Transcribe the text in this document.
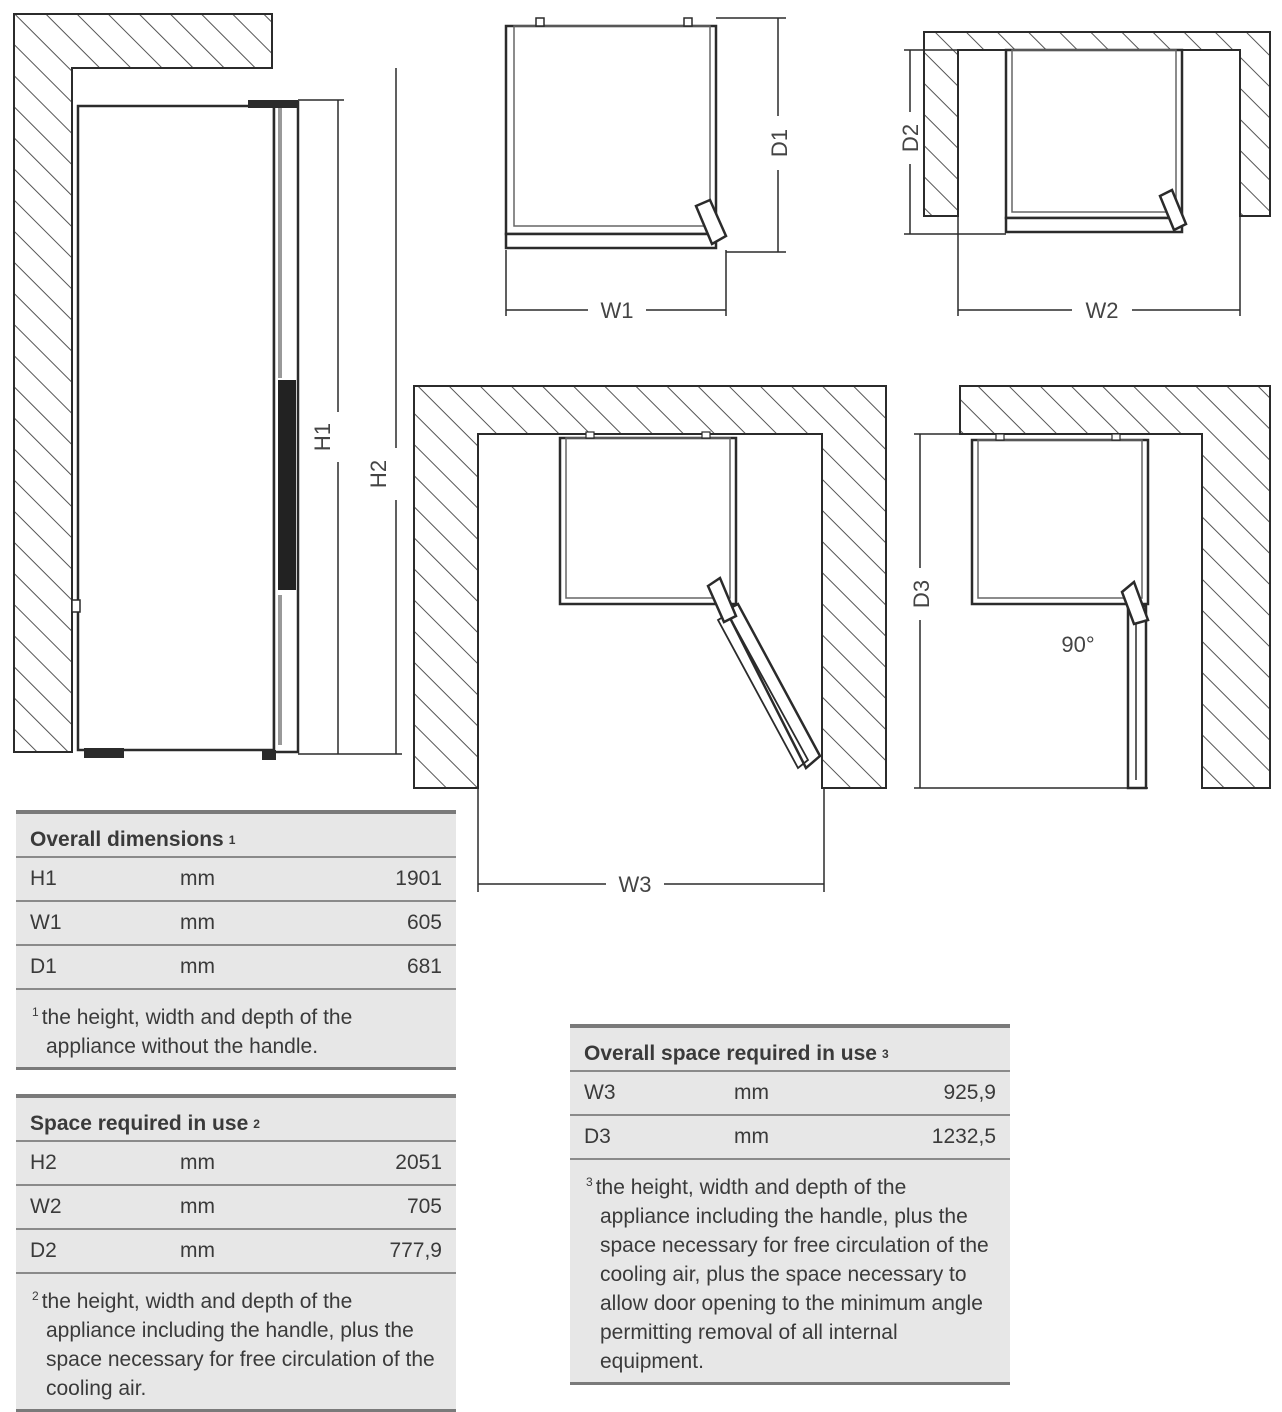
H1
H2
D1
W1
D2
W2
W3
90°
D3
Overall dimensions 1
H1	mm	1901
W1	mm	605
D1	mm	681
$^1$ the height, width and depth of the appliance without the handle.
Space required in use 2
H2	mm	2051
W2	mm	705
D2	mm	777,9
$^2$ the height, width and depth of the appliance including the handle, plus the space necessary for free circulation of the cooling air.
Overall space required in use 3
W3	mm	925,9
D3	mm	1232,5
$^3$ the height, width and depth of the appliance including the handle, plus the space necessary for free circulation of the cooling air, plus the space necessary to allow door opening to the minimum angle permitting removal of all internal equipment.
